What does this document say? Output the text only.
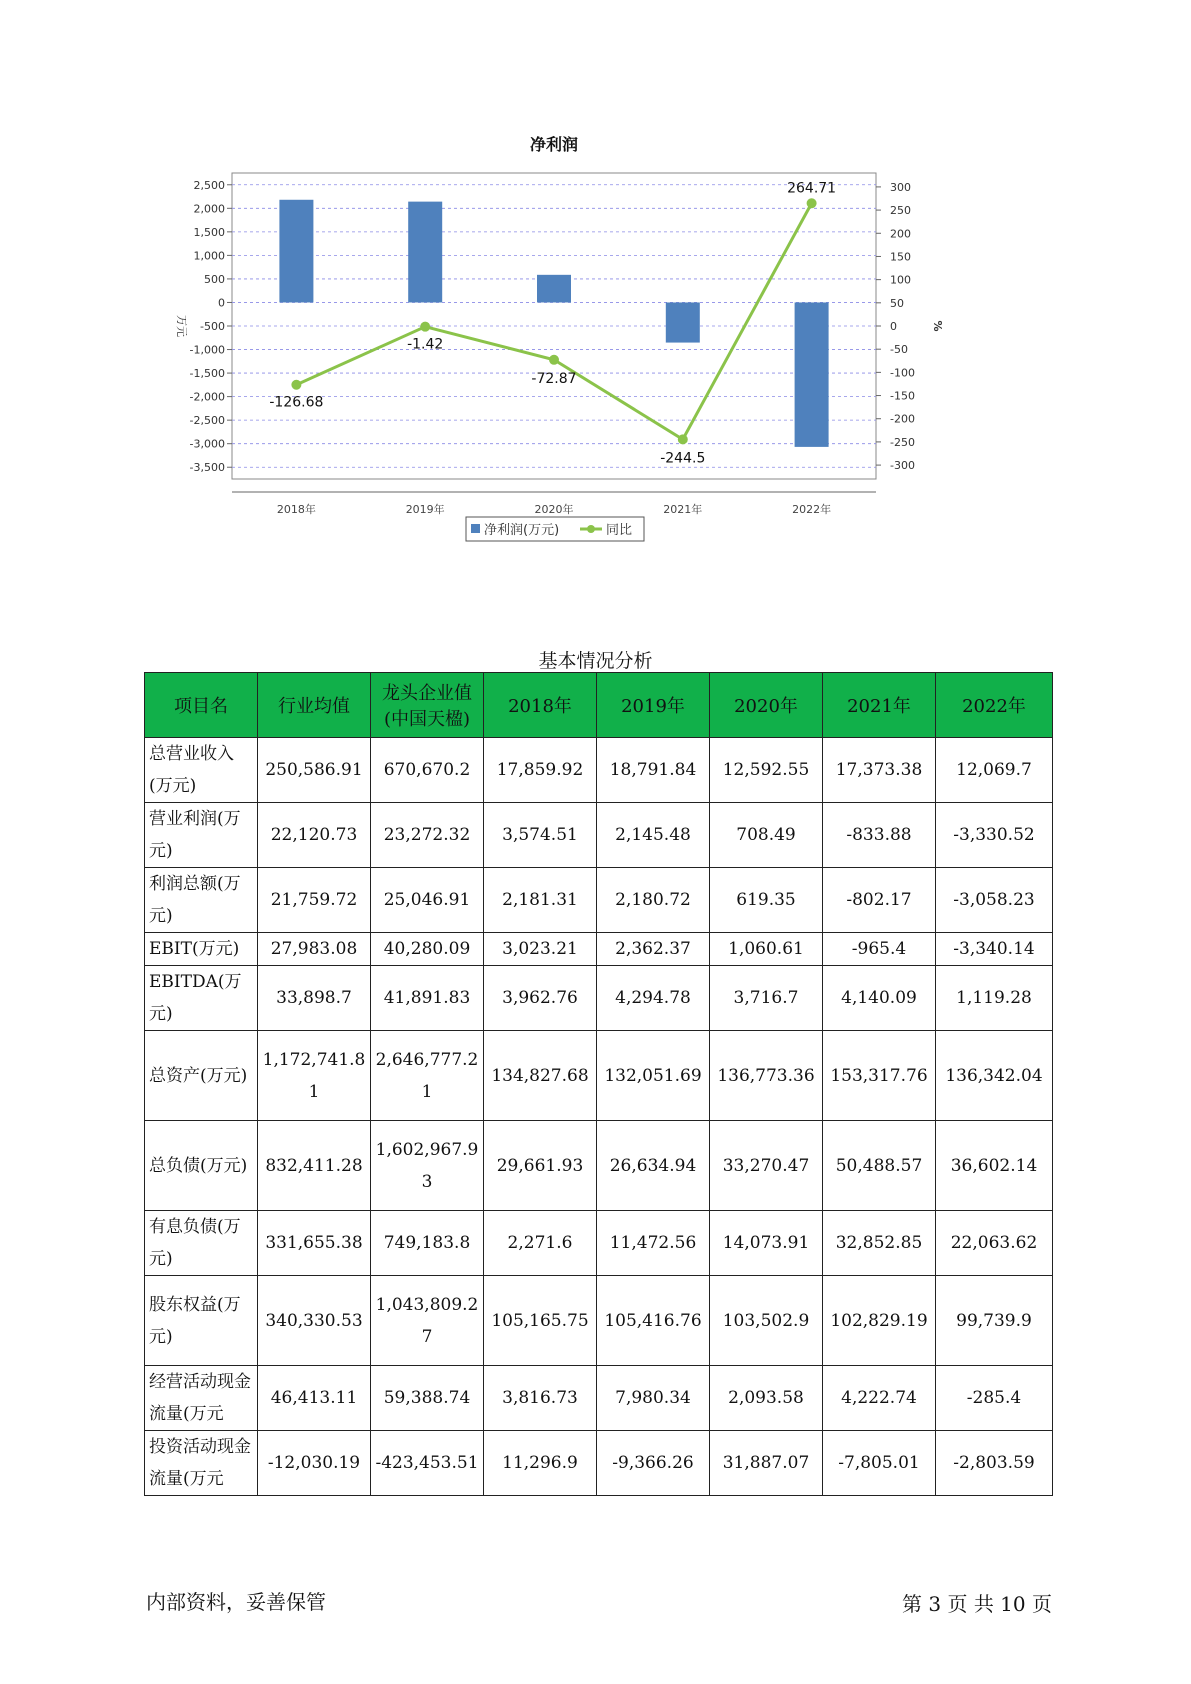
净利润
2,500
2,000
1,500
1,000
500
0
-500
-1,000
-1,500
-2,000
-2,500
-3,000
-3,500
300
250
200
150
100
50
0
-50
-100
-150
-200
-250
-300
万元	%
2018年	2019年	2020年	2021年	2022年
-126.68
-1.42
-72.87
-244.5
264.71
净利润(万元)	同比
基本情况分析
项目名	行业均值	龙头企业值(中国天楹)	2018年	2019年	2020年	2021年	2022年
总营业收入(万元)	250,586.91	670,670.2	17,859.92	18,791.84	12,592.55	17,373.38	12,069.7
营业利润(万元)	22,120.73	23,272.32	3,574.51	2,145.48	708.49	-833.88	-3,330.52
利润总额(万元)	21,759.72	25,046.91	2,181.31	2,180.72	619.35	-802.17	-3,058.23
EBIT(万元)	27,983.08	40,280.09	3,023.21	2,362.37	1,060.61	-965.4	-3,340.14
EBITDA(万元)	33,898.7	41,891.83	3,962.76	4,294.78	3,716.7	4,140.09	1,119.28
总资产(万元)	1,172,741.81	2,646,777.21	134,827.68	132,051.69	136,773.36	153,317.76	136,342.04
总负债(万元)	832,411.28	1,602,967.93	29,661.93	26,634.94	33,270.47	50,488.57	36,602.14
有息负债(万元)	331,655.38	749,183.8	2,271.6	11,472.56	14,073.91	32,852.85	22,063.62
股东权益(万元)	340,330.53	1,043,809.27	105,165.75	105,416.76	103,502.9	102,829.19	99,739.9
经营活动现金流量(万元	46,413.11	59,388.74	3,816.73	7,980.34	2,093.58	4,222.74	-285.4
投资活动现金流量(万元	-12,030.19	-423,453.51	11,296.9	-9,366.26	31,887.07	-7,805.01	-2,803.59
内部资料，妥善保管	第 3 页 共 10 页
